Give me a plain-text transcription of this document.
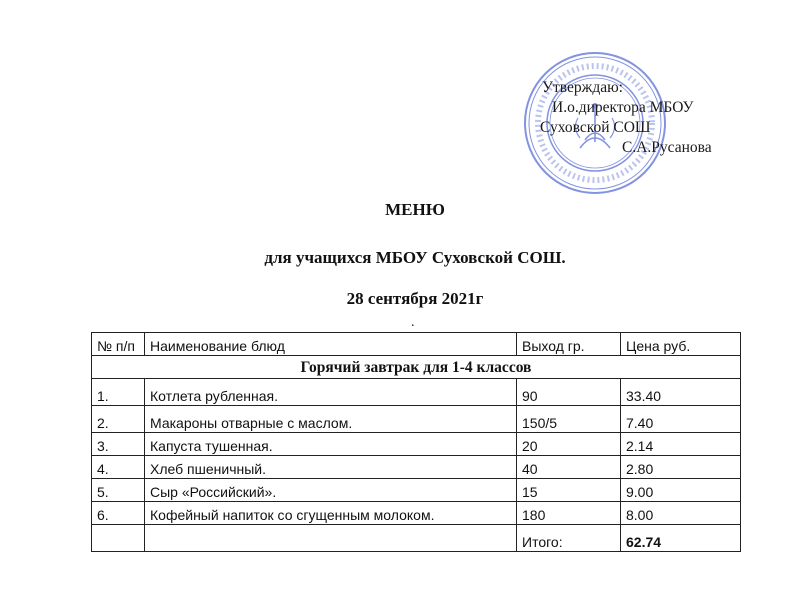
Утверждаю:
И.о.директора МБОУ
Суховской СОШ
С.А.Русанова
МЕНЮ
для учащихся МБОУ Суховской СОШ.
28 сентября 2021г
.
№ п/п	Наименование блюд	Выход гр.	Цена руб.
Горячий завтрак для 1-4 классов			
1.	Котлета рубленная.	90	33.40
2.	Макароны отварные с маслом.	150/5	7.40
3.	Капуста тушенная.	20	2.14
4.	Хлеб пшеничный.	40	2.80
5.	Сыр «Российский».	15	9.00
6.	Кофейный напиток со сгущенным молоком.	180	8.00
		Итого:	62.74
